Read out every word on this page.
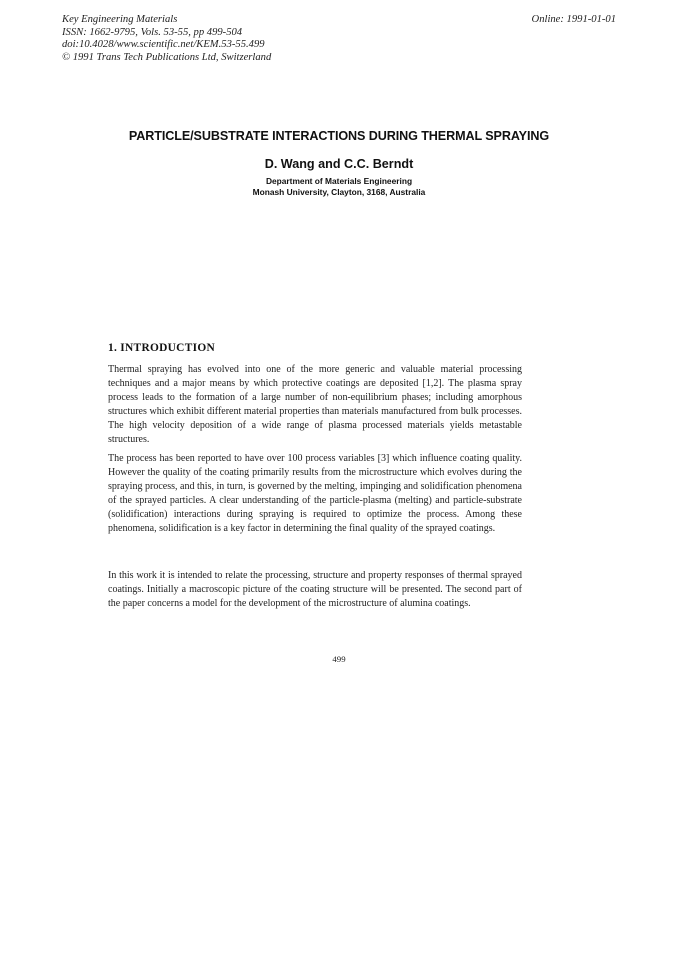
Key Engineering Materials
ISSN: 1662-9795, Vols. 53-55, pp 499-504
doi:10.4028/www.scientific.net/KEM.53-55.499
© 1991 Trans Tech Publications Ltd, Switzerland
Online: 1991-01-01
PARTICLE/SUBSTRATE INTERACTIONS DURING THERMAL SPRAYING
D. Wang and C.C. Berndt
Department of Materials Engineering
Monash University, Clayton, 3168, Australia
1. INTRODUCTION

Thermal spraying has evolved into one of the more generic and valuable material processing techniques and a major means by which protective coatings are deposited [1,2]. The plasma spray process leads to the formation of a large number of non-equilibrium phases; including amorphous structures which exhibit different material properties than materials manufactured from bulk processes. The high velocity deposition of a wide range of plasma processed materials yields metastable structures.

The process has been reported to have over 100 process variables [3] which influence coating quality. However the quality of the coating primarily results from the microstructure which evolves during the spraying process, and this, in turn, is governed by the melting, impinging and solidification phenomena of the sprayed particles. A clear understanding of the particle-plasma (melting) and particle-substrate (solidification) interactions during spraying is required to optimize the process. Among these phenomena, solidification is a key factor in determining the final quality of the sprayed coatings.

In this work it is intended to relate the processing, structure and property responses of thermal sprayed coatings. Initially a macroscopic picture of the coating structure will be presented. The second part of the paper concerns a model for the development of the microstructure of alumina coatings.

499
